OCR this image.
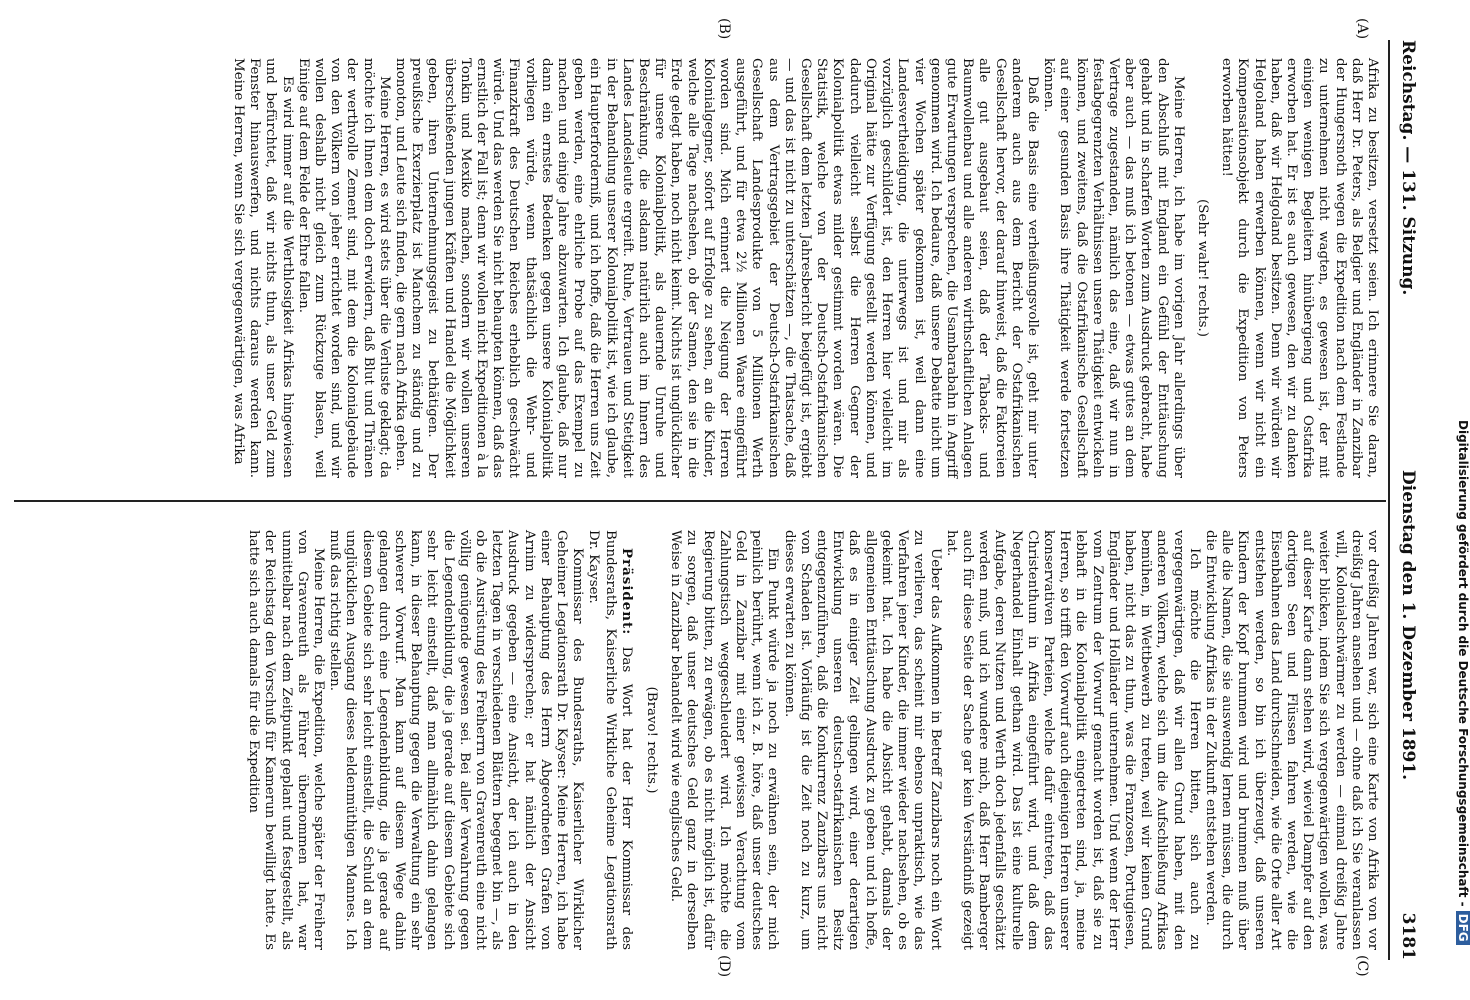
Reichstag. — 131. Sitzung.
Dienstag den 1. Dezember 1891.
3181
Digitalisierung gefördert durch die Deutsche Forschungsgemeinschaft -DFG
(A)
(B)
(C)
(D)

Afrika zu besitzen, versetzt seien. Ich erinnere Sie daran, daß Herr Dr. Peters, als Belgier und Engländer in Zanzibar der Hungersnoth wegen die Expedition nach dem Festlande zu unternehmen nicht wagten, es gewesen ist, der mit einigen wenigen Begleitern hinübergieng und Ostafrika erworben hat. Er ist es auch gewesen, den wir zu danken haben, daß wir Helgoland besitzen. Denn wir würden wir Helgoland haben erwerben können, wenn wir nicht ein Kompensationsobjekt durch die Expedition von Peters erworben hätten!

(Sehr wahr! rechts.)

Meine Herren, ich habe im vorigen Jahr allerdings über den Abschluß mit England ein Gefühl der Enttäuschung gehabt und in scharfen Worten zum Ausdruck gebracht, habe aber auch — das muß ich betonen — etwas gutes an dem Vertrage zugestanden, nämlich das eine, daß wir nun in festabgegrenzten Verhältnissen unsere Thätigkeit entwickeln können, und zweitens, daß die Ostafrikanische Gesellschaft auf einer gesunden Basis ihre Thätigkeit werde fortsetzen können.

Daß die Basis eine verheißungsvolle ist, geht mir unter anderem auch aus dem Bericht der Ostafrikanischen Gesellschaft hervor, der darauf hinweist, daß die Faktoreien alle gut ausgebaut seien, daß der Tabacks- und Baumwollenbau und alle anderen wirthschaftlichen Anlagen gute Erwartungen versprechen, die Usambarabahn in Angriff genommen wird. Ich bedaure, daß unsere Debatte nicht um vier Wochen später gekommen ist, weil dann eine Landesvertheidigung, die unterwegs ist und mir als vorzüglich geschildert ist, den Herren hier vielleicht im Original hätte zur Verfügung gestellt werden können, und dadurch vielleicht selbst die Herren Gegner der Kolonialpolitik etwas milder gestimmt worden wären. Die Statistik, welche von der Deutsch-Ostafrikanischen Gesellschaft dem letzten Jahresbericht beigefügt ist, ergiebt — und das ist nicht zu unterschätzen —, die Thatsache, daß aus dem Vertragsgebiet der Deutsch-Ostafrikanischen Gesellschaft Landesprodukte von 5 Millionen Werth ausgeführt, und für etwa 2½ Millionen Waare eingeführt worden sind. Mich erinnert die Neigung der Herren Kolonialgegner, sofort auf Erfolge zu sehen, an die Kinder, welche alle Tage nachsehen, ob der Samen, den sie in die Erde gelegt haben, noch nicht keimt. Nichts ist unglücklicher für unsere Kolonialpolitik, als dauernde Unruhe und Beschränkung, die alsdann natürlich auch im Innern des Landes Landesleute ergreift. Ruhe, Vertrauen und Stetigkeit in der Behandlung unserer Kolonialpolitik ist, wie ich glaube, ein Haupterforderniß, und ich hoffe, daß die Herren uns Zeit geben werden, eine ehrliche Probe auf das Exempel zu machen und einige Jahre abzuwarten. Ich glaube, daß nur dann ein ernstes Bedenken gegen unsere Kolonialpolitik vorliegen würde, wenn thatsächlich die Wehr- und Finanzkraft des Deutschen Reiches erheblich geschwächt würde. Und das werden Sie nicht behaupten können, daß das ernstlich der Fall ist; denn wir wollen nicht Expeditionen à la Tonkin und Mexiko machen, sondern wir wollen unseren überschießenden jungen Kräften und Handel die Möglichkeit geben, ihren Unternehmungsgeist zu bethätigen. Der preußische Exerzierplatz ist Manchem zu ständig und zu monoton, und Leute sich finden, die gern nach Afrika gehen.

Meine Herren, es wird stets über die Verluste geklagt; da möchte ich Ihnen dem doch erwidern, daß Blut und Thränen der werthvolle Zement sind, mit dem die Kolonialgebäude von den Völkern von jeher errichtet worden sind, und wir wollen deshalb nicht gleich zum Rückzuge blasen, weil Einige auf dem Felde der Ehre fallen.

Es wird immer auf die Werthlosigkeit Afrikas hingewiesen und befürchtet, daß wir nichts thun, als unser Geld zum Fenster hinauswerfen, und nichts daraus werden kann. Meine Herren, wenn Sie sich vergegenwärtigen, was Afrika

vor dreißig Jahren war, sich eine Karte von Afrika von vor dreißig Jahren ansehen und — ohne daß ich Sie veranlassen will, Kolonialschwärmer zu werden — einmal dreißig Jahre weiter blicken, indem Sie sich vergegenwärtigen wollen, was auf dieser Karte dann stehen wird, wieviel Dampfer auf den dortigen Seen und Flüssen fahren werden, wie die Eisenbahnen das Land durchschneiden, wie die Orte aller Art entstehen werden, so bin ich überzeugt, daß unseren Kindern der Kopf brummen wird und brummen muß über alle die Namen, die sie auswendig lernen müssen, die durch die Entwicklung Afrikas in der Zukunft entstehen werden.

Ich möchte die Herren bitten, sich auch zu vergegenwärtigen, daß wir allen Grund haben, mit den anderen Völkern, welche sich um die Aufschließung Afrikas bemühen, in Wettbewerb zu treten, weil wir keinen Grund haben, nicht das zu thun, was die Franzosen, Portugiesen, Engländer und Holländer unternehmen. Und wenn der Herr vom Zentrum der Vorwurf gemacht worden ist, daß sie zu lebhaft in die Kolonialpolitik eingetreten sind, ja, meine Herren, so trifft den Vorwurf auch diejenigen Herren unserer konservativen Parteien, welche dafür eintreten, daß das Christenthum in Afrika eingeführt wird, und daß dem Negerhandel Einhalt gethan wird. Das ist eine kulturelle Aufgabe, deren Nutzen und Werth doch jedenfalls geschätzt werden muß, und ich wundere mich, daß Herr Bamberger auch für diese Seite der Sache gar kein Verständniß gezeigt hat.

Ueber das Aufkommen in Betreff Zanzibars noch ein Wort zu verlieren, das scheint mir ebenso unpraktisch, wie das Verfahren jener Kinder, die immer wieder nachsehen, ob es gekeimt hat. Ich habe die Absicht gehabt, damals der allgemeinen Enttäuschung Ausdruck zu geben und ich hoffe, daß es in einiger Zeit gelingen wird, einer derartigen Entwicklung unseren deutsch-ostafrikanischen Besitz entgegenzuführen, daß die Konkurrenz Zanzibars uns nicht von Schaden ist. Vorläufig ist die Zeit noch zu kurz, um dieses erwarten zu können.

Ein Punkt würde ja noch zu erwähnen sein, der mich peinlich berührt, wenn ich z. B. höre, daß unser deutsches Geld in Zanzibar mit einer gewissen Verachtung vom Zahlungstisch weggeschleudert wird. Ich möchte die Regierung bitten, zu erwägen, ob es nicht möglich ist, dafür zu sorgen, daß unser deutsches Geld ganz in derselben Weise in Zanzibar behandelt wird wie englisches Geld.

(Bravo! rechts.)

Präsident: Das Wort hat der Herr Kommissar des Bundesraths, Kaiserliche Wirkliche Geheime Legationsrath Dr. Kayser.

Kommissar des Bundesraths, Kaiserlicher Wirklicher Geheimer Legationsrath Dr. Kayser: Meine Herren, ich habe einer Behauptung des Herrn Abgeordneten Grafen von Arnim zu widersprechen; er hat nämlich der Ansicht Ausdruck gegeben — eine Ansicht, der ich auch in den letzten Tagen in verschiedenen Blättern begegnet bin —, als ob die Ausrüstung des Freiherrn von Gravenreuth eine nicht völlig genügende gewesen sei. Bei aller Verwahrung gegen die Legendenbildung, die ja gerade auf diesem Gebiete sich sehr leicht einstellt, daß man allmählich dahin gelangen kann, in dieser Behauptung gegen die Verwaltung ein sehr schwerer Vorwurf. Man kann auf diesem Wege dahin gelangen durch eine Legendenbildung, die ja gerade auf diesem Gebiete sich sehr leicht einstellt, die Schuld an dem unglücklichen Ausgang dieses heldenmüthigen Mannes. Ich muß das richtig stellen.

Meine Herren, die Expedition, welche später der Freiherr von Gravenreuth als Führer übernommen hat, war unmittelbar nach dem Zeitpunkt geplant und festgestellt, als der Reichstag den Vorschuß für Kamerun bewilligt hatte. Es hatte sich auch damals für die Expedition
